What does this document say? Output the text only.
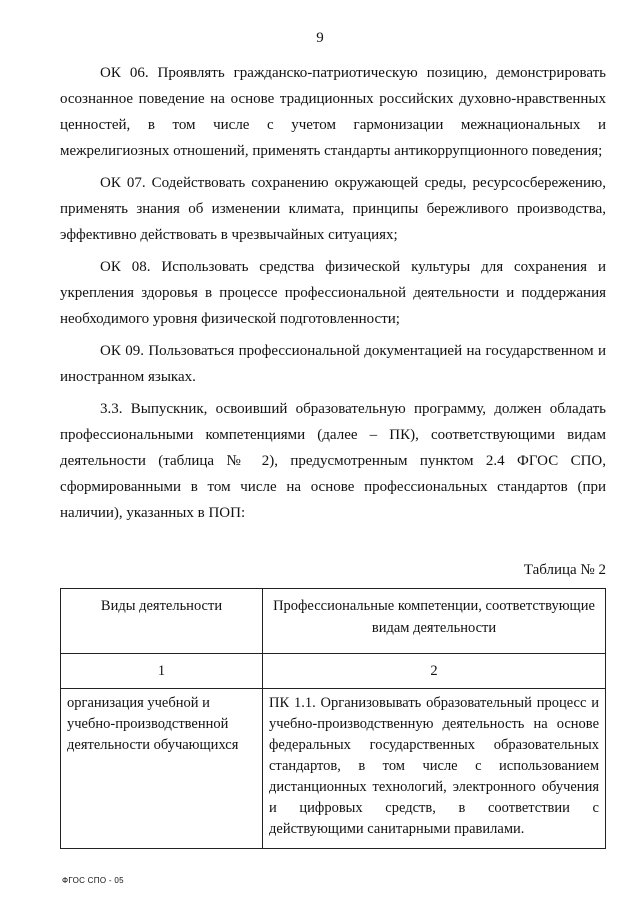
9

ОК 06. Проявлять гражданско-патриотическую позицию, демонстрировать осознанное поведение на основе традиционных российских духовно-нравственных ценностей, в том числе с учетом гармонизации межнациональных и межрелигиозных отношений, применять стандарты антикоррупционного поведения;

ОК 07. Содействовать сохранению окружающей среды, ресурсосбережению, применять знания об изменении климата, принципы бережливого производства, эффективно действовать в чрезвычайных ситуациях;

ОК 08. Использовать средства физической культуры для сохранения и укрепления здоровья в процессе профессиональной деятельности и поддержания необходимого уровня физической подготовленности;

ОК 09. Пользоваться профессиональной документацией на государственном и иностранном языках.

3.3. Выпускник, освоивший образовательную программу, должен обладать профессиональными компетенциями (далее – ПК), соответствующими видам деятельности (таблица № 2), предусмотренным пунктом 2.4 ФГОС СПО, сформированными в том числе на основе профессиональных стандартов (при наличии), указанных в ПОП:

Таблица № 2
Виды деятельности	Профессиональные компетенции, соответствующие видам деятельности
1	2
организация учебной и учебно-производственной деятельности обучающихся	ПК 1.1. Организовывать образовательный процесс и учебно-производственную деятельность на основе федеральных государственных образовательных стандартов, в том числе с использованием дистанционных технологий, электронного обучения и цифровых средств, в соответствии с действующими санитарными правилами.
ФГОС СПО - 05
